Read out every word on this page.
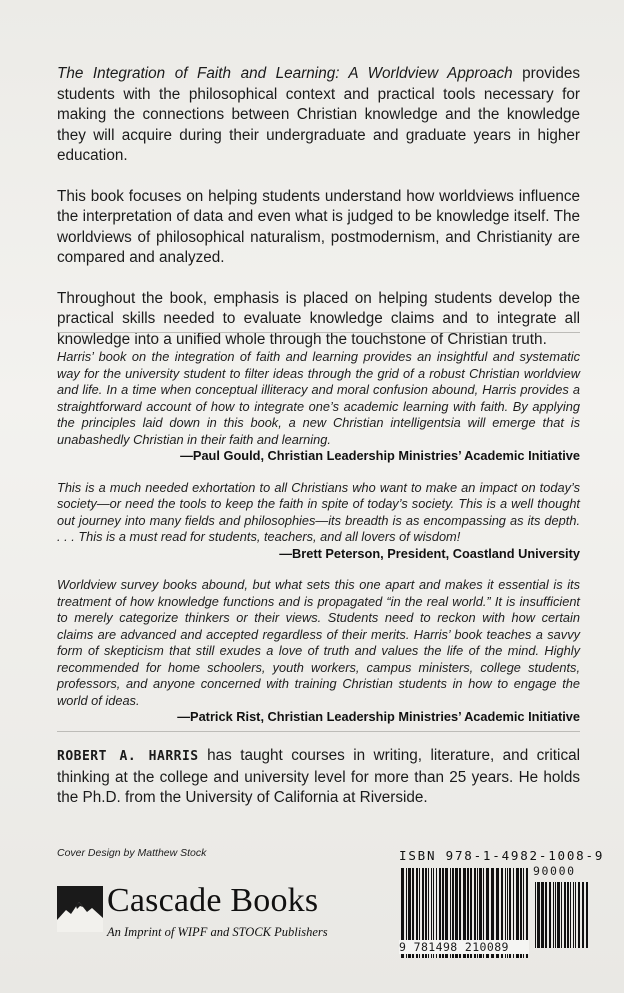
The Integration of Faith and Learning: A Worldview Approach provides students with the philosophical context and practical tools necessary for making the connections between Christian knowledge and the knowledge they will acquire during their undergraduate and graduate years in higher education.

This book focuses on helping students understand how worldviews influence the interpretation of data and even what is judged to be knowledge itself. The worldviews of philosophical naturalism, postmodernism, and Christianity are compared and analyzed.

Throughout the book, emphasis is placed on helping students develop the practical skills needed to evaluate knowledge claims and to integrate all knowledge into a unified whole through the touchstone of Christian truth.

Harris’ book on the integration of faith and learning provides an insightful and systematic way for the university student to filter ideas through the grid of a robust Christian worldview and life. In a time when conceptual illiteracy and moral confusion abound, Harris provides a straightforward account of how to integrate one’s academic learning with faith. By applying the principles laid down in this book, a new Christian intelligentsia will emerge that is unabashedly Christian in their faith and learning.

—Paul Gould, Christian Leadership Ministries’ Academic Initiative

This is a much needed exhortation to all Christians who want to make an impact on today’s society—or need the tools to keep the faith in spite of today’s society. This is a well thought out journey into many fields and philosophies—its breadth is as encompassing as its depth. . . . This is a must read for students, teachers, and all lovers of wisdom!

—Brett Peterson, President, Coastland University

Worldview survey books abound, but what sets this one apart and makes it essential is its treatment of how knowledge functions and is propagated “in the real world.” It is insufficient to merely categorize thinkers or their views. Students need to reckon with how certain claims are advanced and accepted regardless of their merits. Harris’ book teaches a savvy form of skepticism that still exudes a love of truth and values the life of the mind. Highly recommended for home schoolers, youth workers, campus ministers, college students, professors, and anyone concerned with training Christian students in how to engage the world of ideas.

—Patrick Rist, Christian Leadership Ministries’ Academic Initiative

ROBERT A. HARRIS has taught courses in writing, literature, and critical thinking at the college and university level for more than 25 years. He holds the Ph.D. from the University of California at Riverside.

Cover Design by Matthew Stock
Cascade Books
An Imprint of WIPF and STOCK Publishers
ISBN 978-1-4982-1008-9
90000
9 781498 210089
